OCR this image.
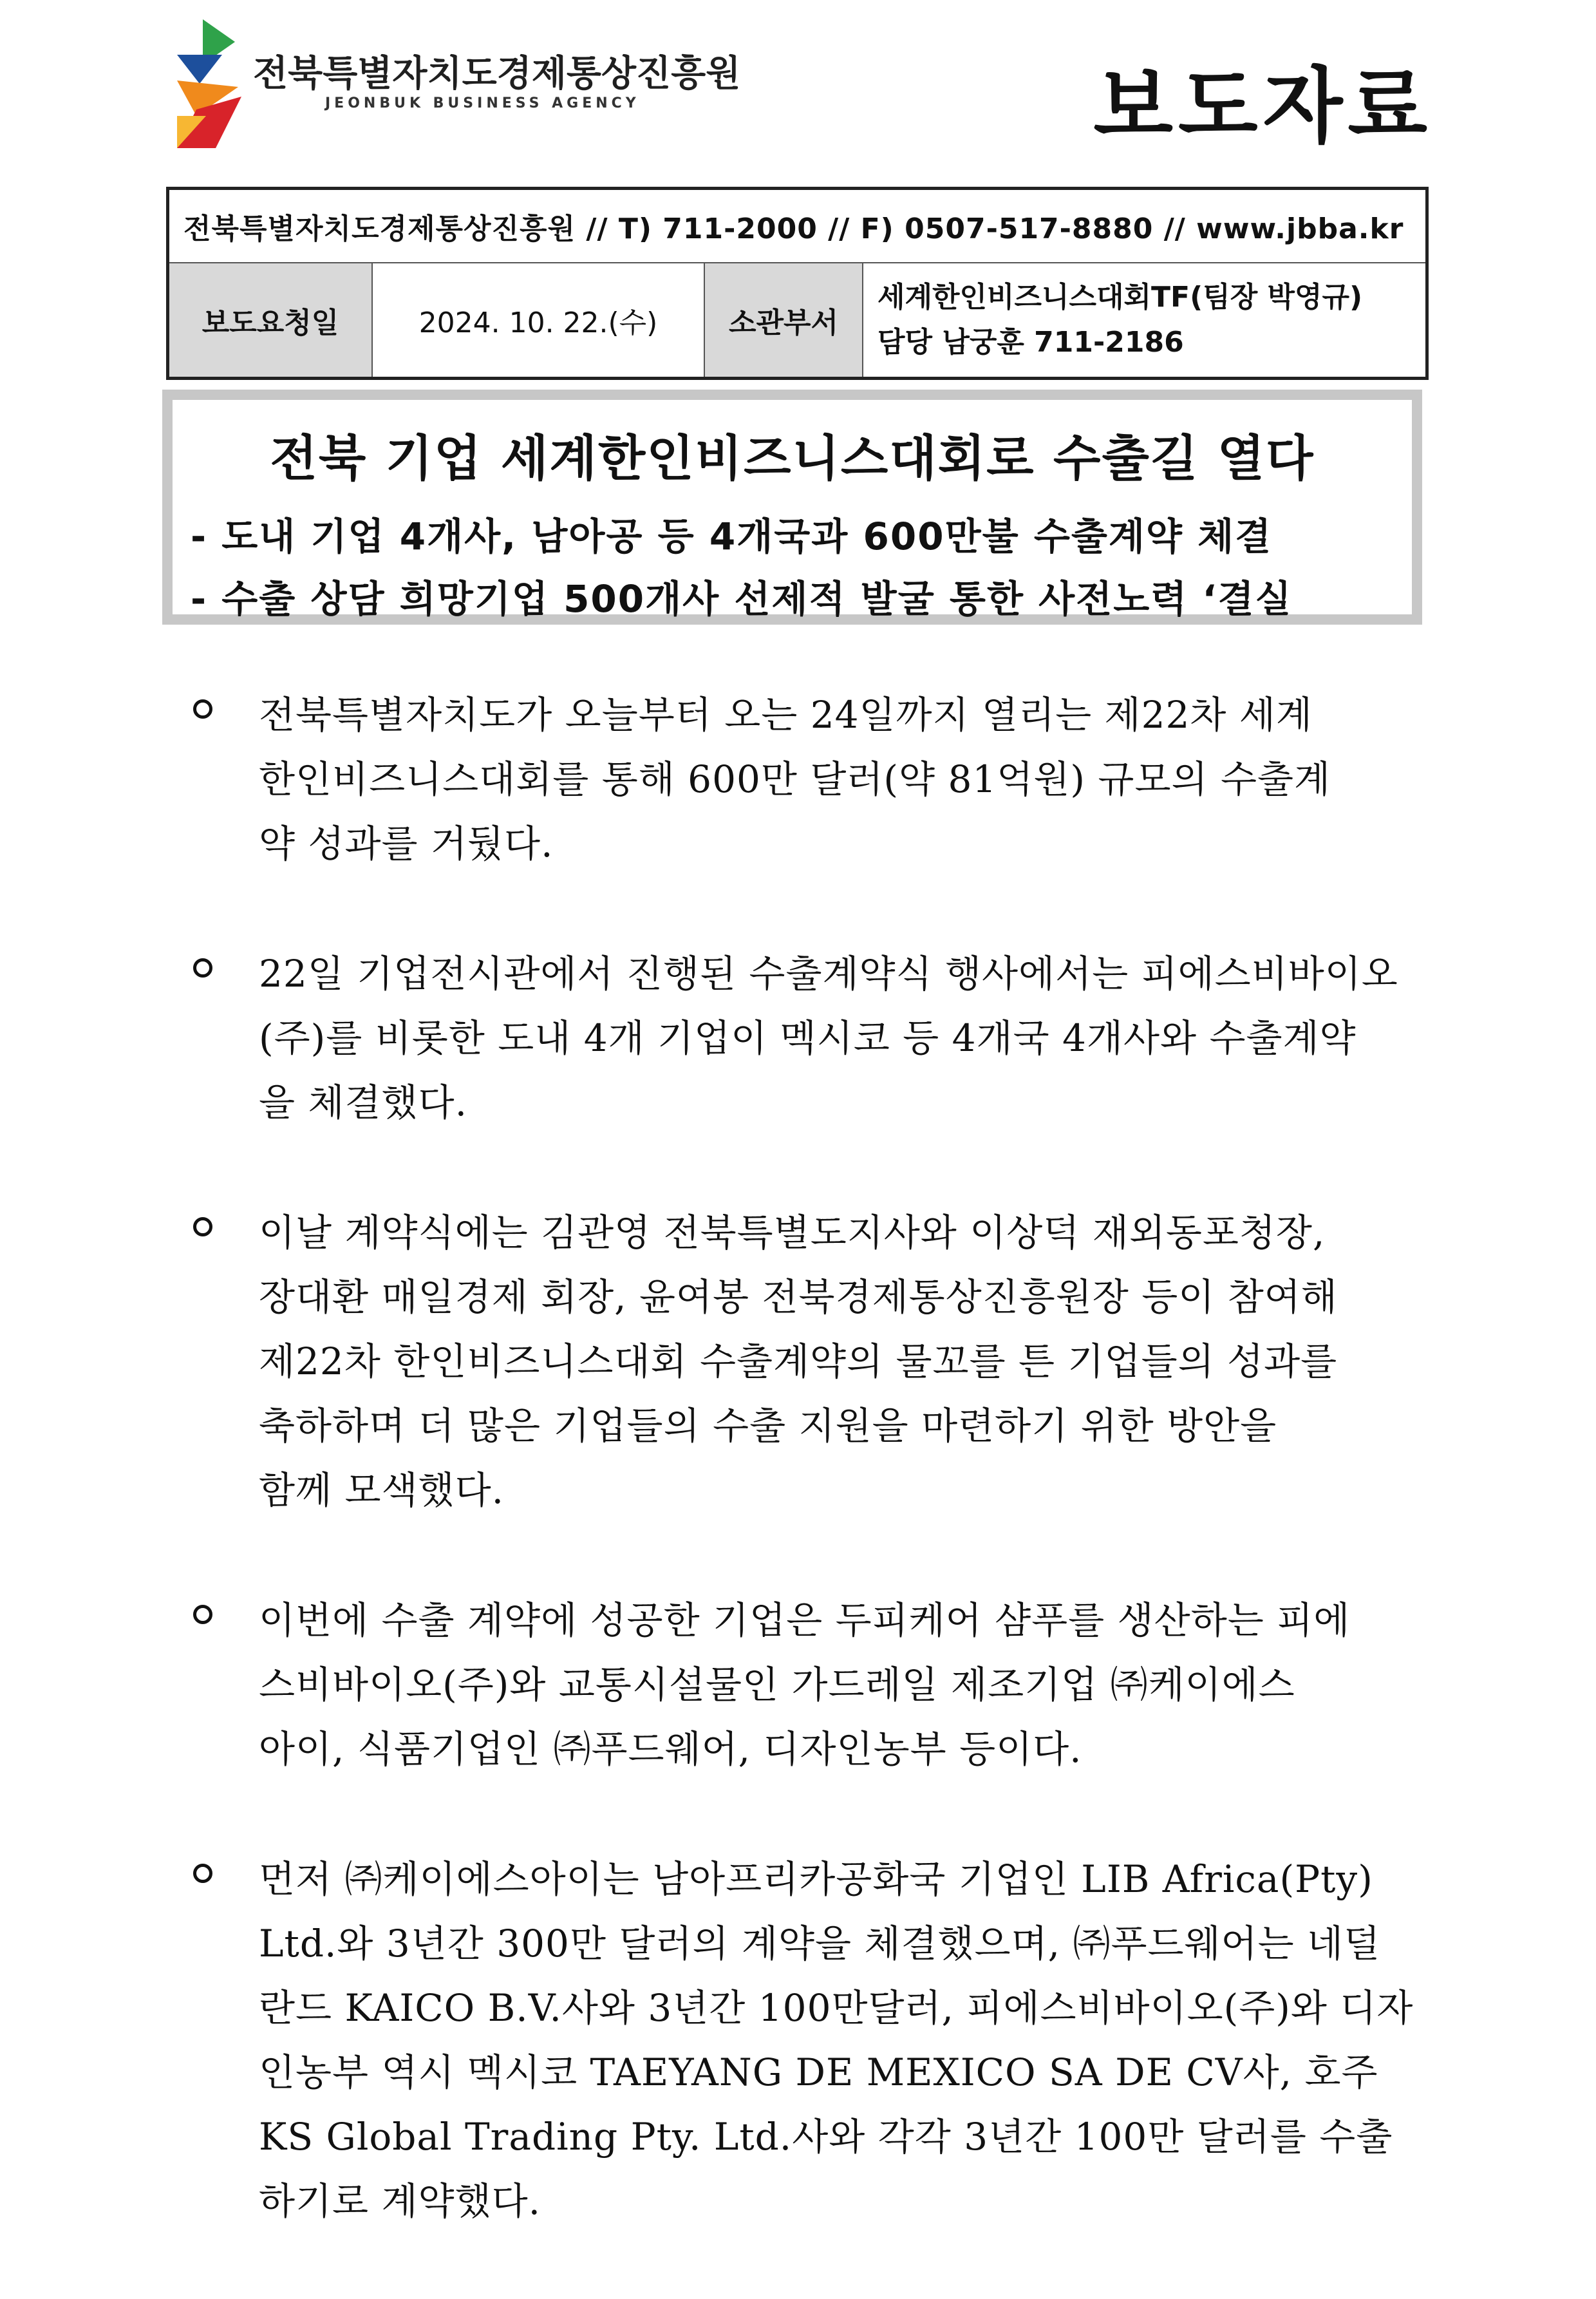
전북특별자치도경제통상진흥원
JEONBUK BUSINESS AGENCY	보도자료
전북특별자치도경제통상진흥원 // T) 711-2000 // F) 0507-517-8880 // www.jbba.kr
보도요청일	2024. 10. 22.(수)	소관부서	
세계한인비즈니스대회TF(팀장 박영규)
담당 남궁훈 711-2186
전북 기업 세계한인비즈니스대회로 수출길 열다
- 도내 기업 4개사, 남아공 등 4개국과 600만불 수출계약 체결
- 수출 상담 희망기업 500개사 선제적 발굴 통한 사전노력 ‘결실
전북특별자치도가 오늘부터 오는 24일까지 열리는 제22차 세계
한인비즈니스대회를 통해 600만 달러(약 81억원) 규모의 수출계
약 성과를 거뒀다.
22일 기업전시관에서 진행된 수출계약식 행사에서는 피에스비바이오
(주)를 비롯한 도내 4개 기업이 멕시코 등 4개국 4개사와 수출계약
을 체결했다.
이날 계약식에는 김관영 전북특별도지사와 이상덕 재외동포청장,
장대환 매일경제 회장, 윤여봉 전북경제통상진흥원장 등이 참여해
제22차 한인비즈니스대회 수출계약의 물꼬를 튼 기업들의 성과를
축하하며 더 많은 기업들의 수출 지원을 마련하기 위한 방안을
함께 모색했다.
이번에 수출 계약에 성공한 기업은 두피케어 샴푸를 생산하는 피에
스비바이오(주)와 교통시설물인 가드레일 제조기업 ㈜케이에스
아이, 식품기업인 ㈜푸드웨어, 디자인농부 등이다.
먼저 ㈜케이에스아이는 남아프리카공화국 기업인 LIB Africa(Pty)
Ltd.와 3년간 300만 달러의 계약을 체결했으며, ㈜푸드웨어는 네덜
란드 KAICO B.V.사와 3년간 100만달러, 피에스비바이오(주)와 디자
인농부 역시 멕시코 TAEYANG DE MEXICO SA DE CV사, 호주
KS Global Trading Pty. Ltd.사와 각각 3년간 100만 달러를 수출
하기로 계약했다.
